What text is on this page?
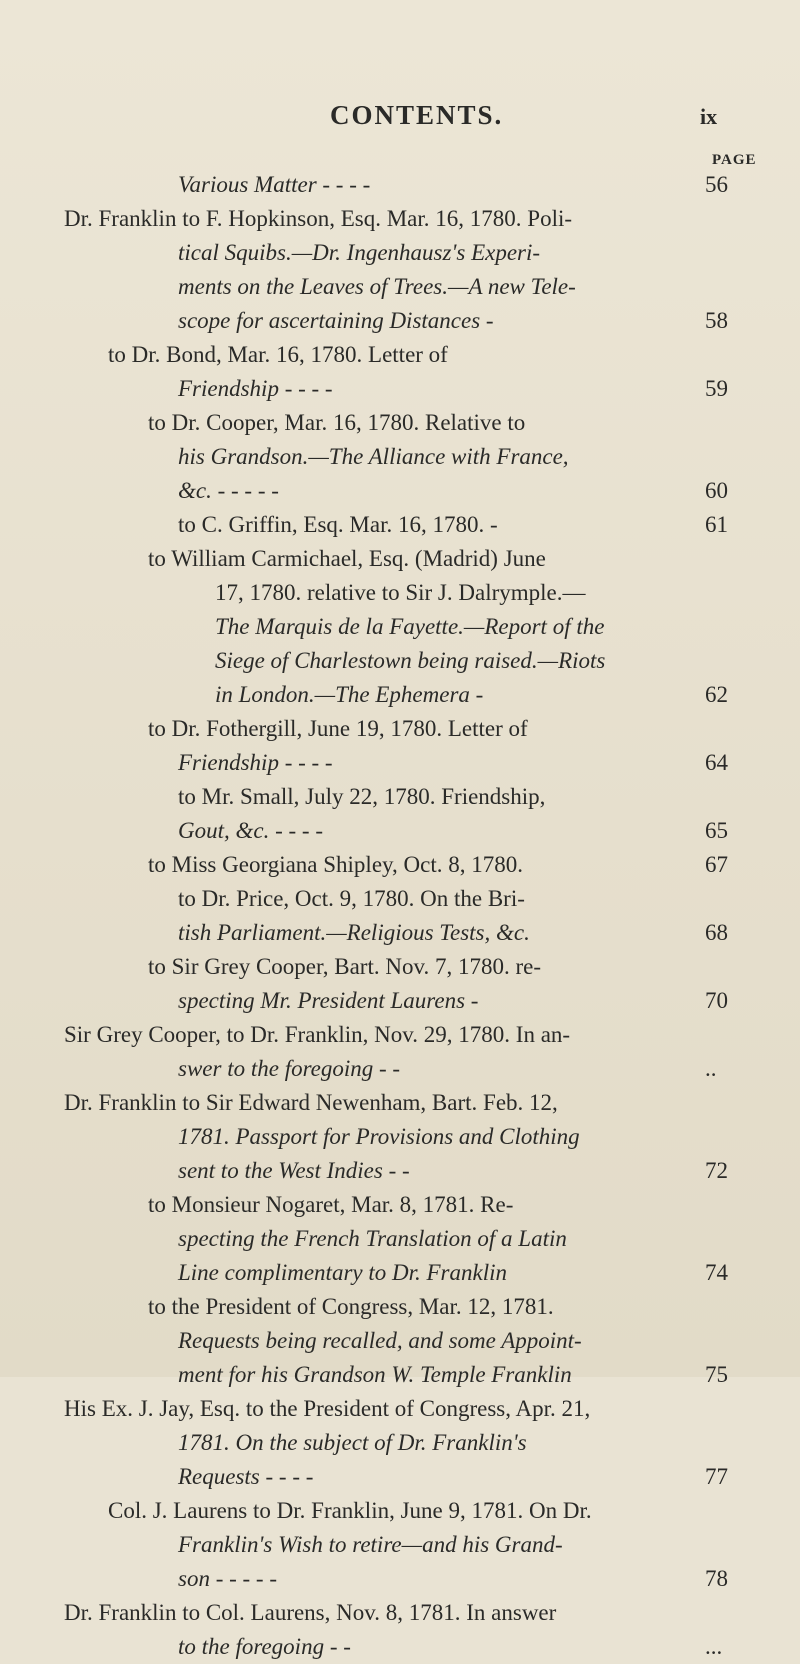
CONTENTS.	ix
PAGE
Various Matter - - - -	56
Dr. Franklin to F. Hopkinson, Esq. Mar. 16, 1780. Poli-
tical Squibs.—Dr. Ingenhausz's Experi-
ments on the Leaves of Trees.—A new Tele-
scope for ascertaining Distances -	58
to Dr. Bond, Mar. 16, 1780. Letter of
Friendship - - - -	59
to Dr. Cooper, Mar. 16, 1780. Relative to
his Grandson.—The Alliance with France,
&c. - - - - -	60
to C. Griffin, Esq. Mar. 16, 1780. -	61
to William Carmichael, Esq. (Madrid) June
17, 1780. relative to Sir J. Dalrymple.—
The Marquis de la Fayette.—Report of the
Siege of Charlestown being raised.—Riots
in London.—The Ephemera -	62
to Dr. Fothergill, June 19, 1780. Letter of
Friendship - - - -	64
to Mr. Small, July 22, 1780. Friendship,
Gout, &c. - - - -	65
to Miss Georgiana Shipley, Oct. 8, 1780.	67
to Dr. Price, Oct. 9, 1780. On the Bri-
tish Parliament.—Religious Tests, &c.	68
to Sir Grey Cooper, Bart. Nov. 7, 1780. re-
specting Mr. President Laurens -	70
Sir Grey Cooper, to Dr. Franklin, Nov. 29, 1780. In an-
swer to the foregoing - -	..
Dr. Franklin to Sir Edward Newenham, Bart. Feb. 12,
1781. Passport for Provisions and Clothing
sent to the West Indies - -	72
to Monsieur Nogaret, Mar. 8, 1781. Re-
specting the French Translation of a Latin
Line complimentary to Dr. Franklin	74
to the President of Congress, Mar. 12, 1781.
Requests being recalled, and some Appoint-
ment for his Grandson W. Temple Franklin	75
His Ex. J. Jay, Esq. to the President of Congress, Apr. 21,
1781. On the subject of Dr. Franklin's
Requests - - - -	77
Col. J. Laurens to Dr. Franklin, June 9, 1781. On Dr.
Franklin's Wish to retire—and his Grand-
son - - - - -	78
Dr. Franklin to Col. Laurens, Nov. 8, 1781. In answer
to the foregoing - -	...
